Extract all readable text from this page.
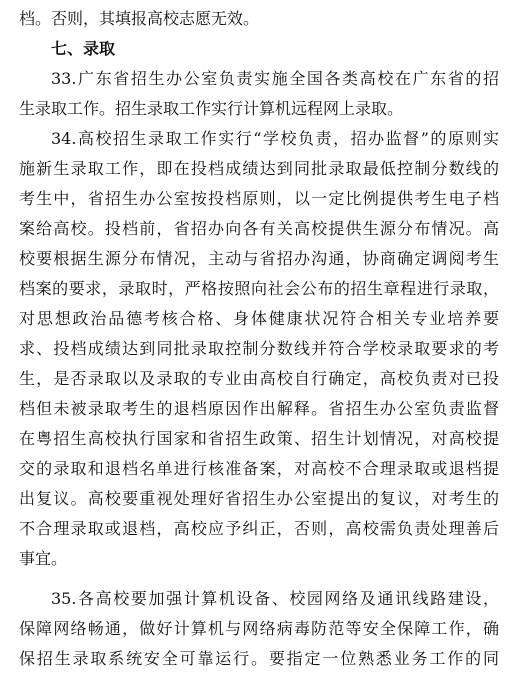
档。否则，其填报高校志愿无效。
七、录取
33.广东省招生办公室负责实施全国各类高校在广东省的招
生录取工作。招生录取工作实行计算机远程网上录取。
34.高校招生录取工作实行“学校负责，招办监督”的原则实
施新生录取工作，即在投档成绩达到同批录取最低控制分数线的
考生中，省招生办公室按投档原则，以一定比例提供考生电子档
案给高校。投档前，省招办向各有关高校提供生源分布情况。高
校要根据生源分布情况，主动与省招办沟通，协商确定调阅考生
档案的要求，录取时，严格按照向社会公布的招生章程进行录取，
对思想政治品德考核合格、身体健康状况符合相关专业培养要
求、投档成绩达到同批录取控制分数线并符合学校录取要求的考
生，是否录取以及录取的专业由高校自行确定，高校负责对已投
档但未被录取考生的退档原因作出解释。省招生办公室负责监督
在粤招生高校执行国家和省招生政策、招生计划情况，对高校提
交的录取和退档名单进行核准备案，对高校不合理录取或退档提
出复议。高校要重视处理好省招生办公室提出的复议，对考生的
不合理录取或退档，高校应予纠正，否则，高校需负责处理善后
事宜。
35.各高校要加强计算机设备、校园网络及通讯线路建设，
保障网络畅通，做好计算机与网络病毒防范等安全保障工作，确
保招生录取系统安全可靠运行。要指定一位熟悉业务工作的同
